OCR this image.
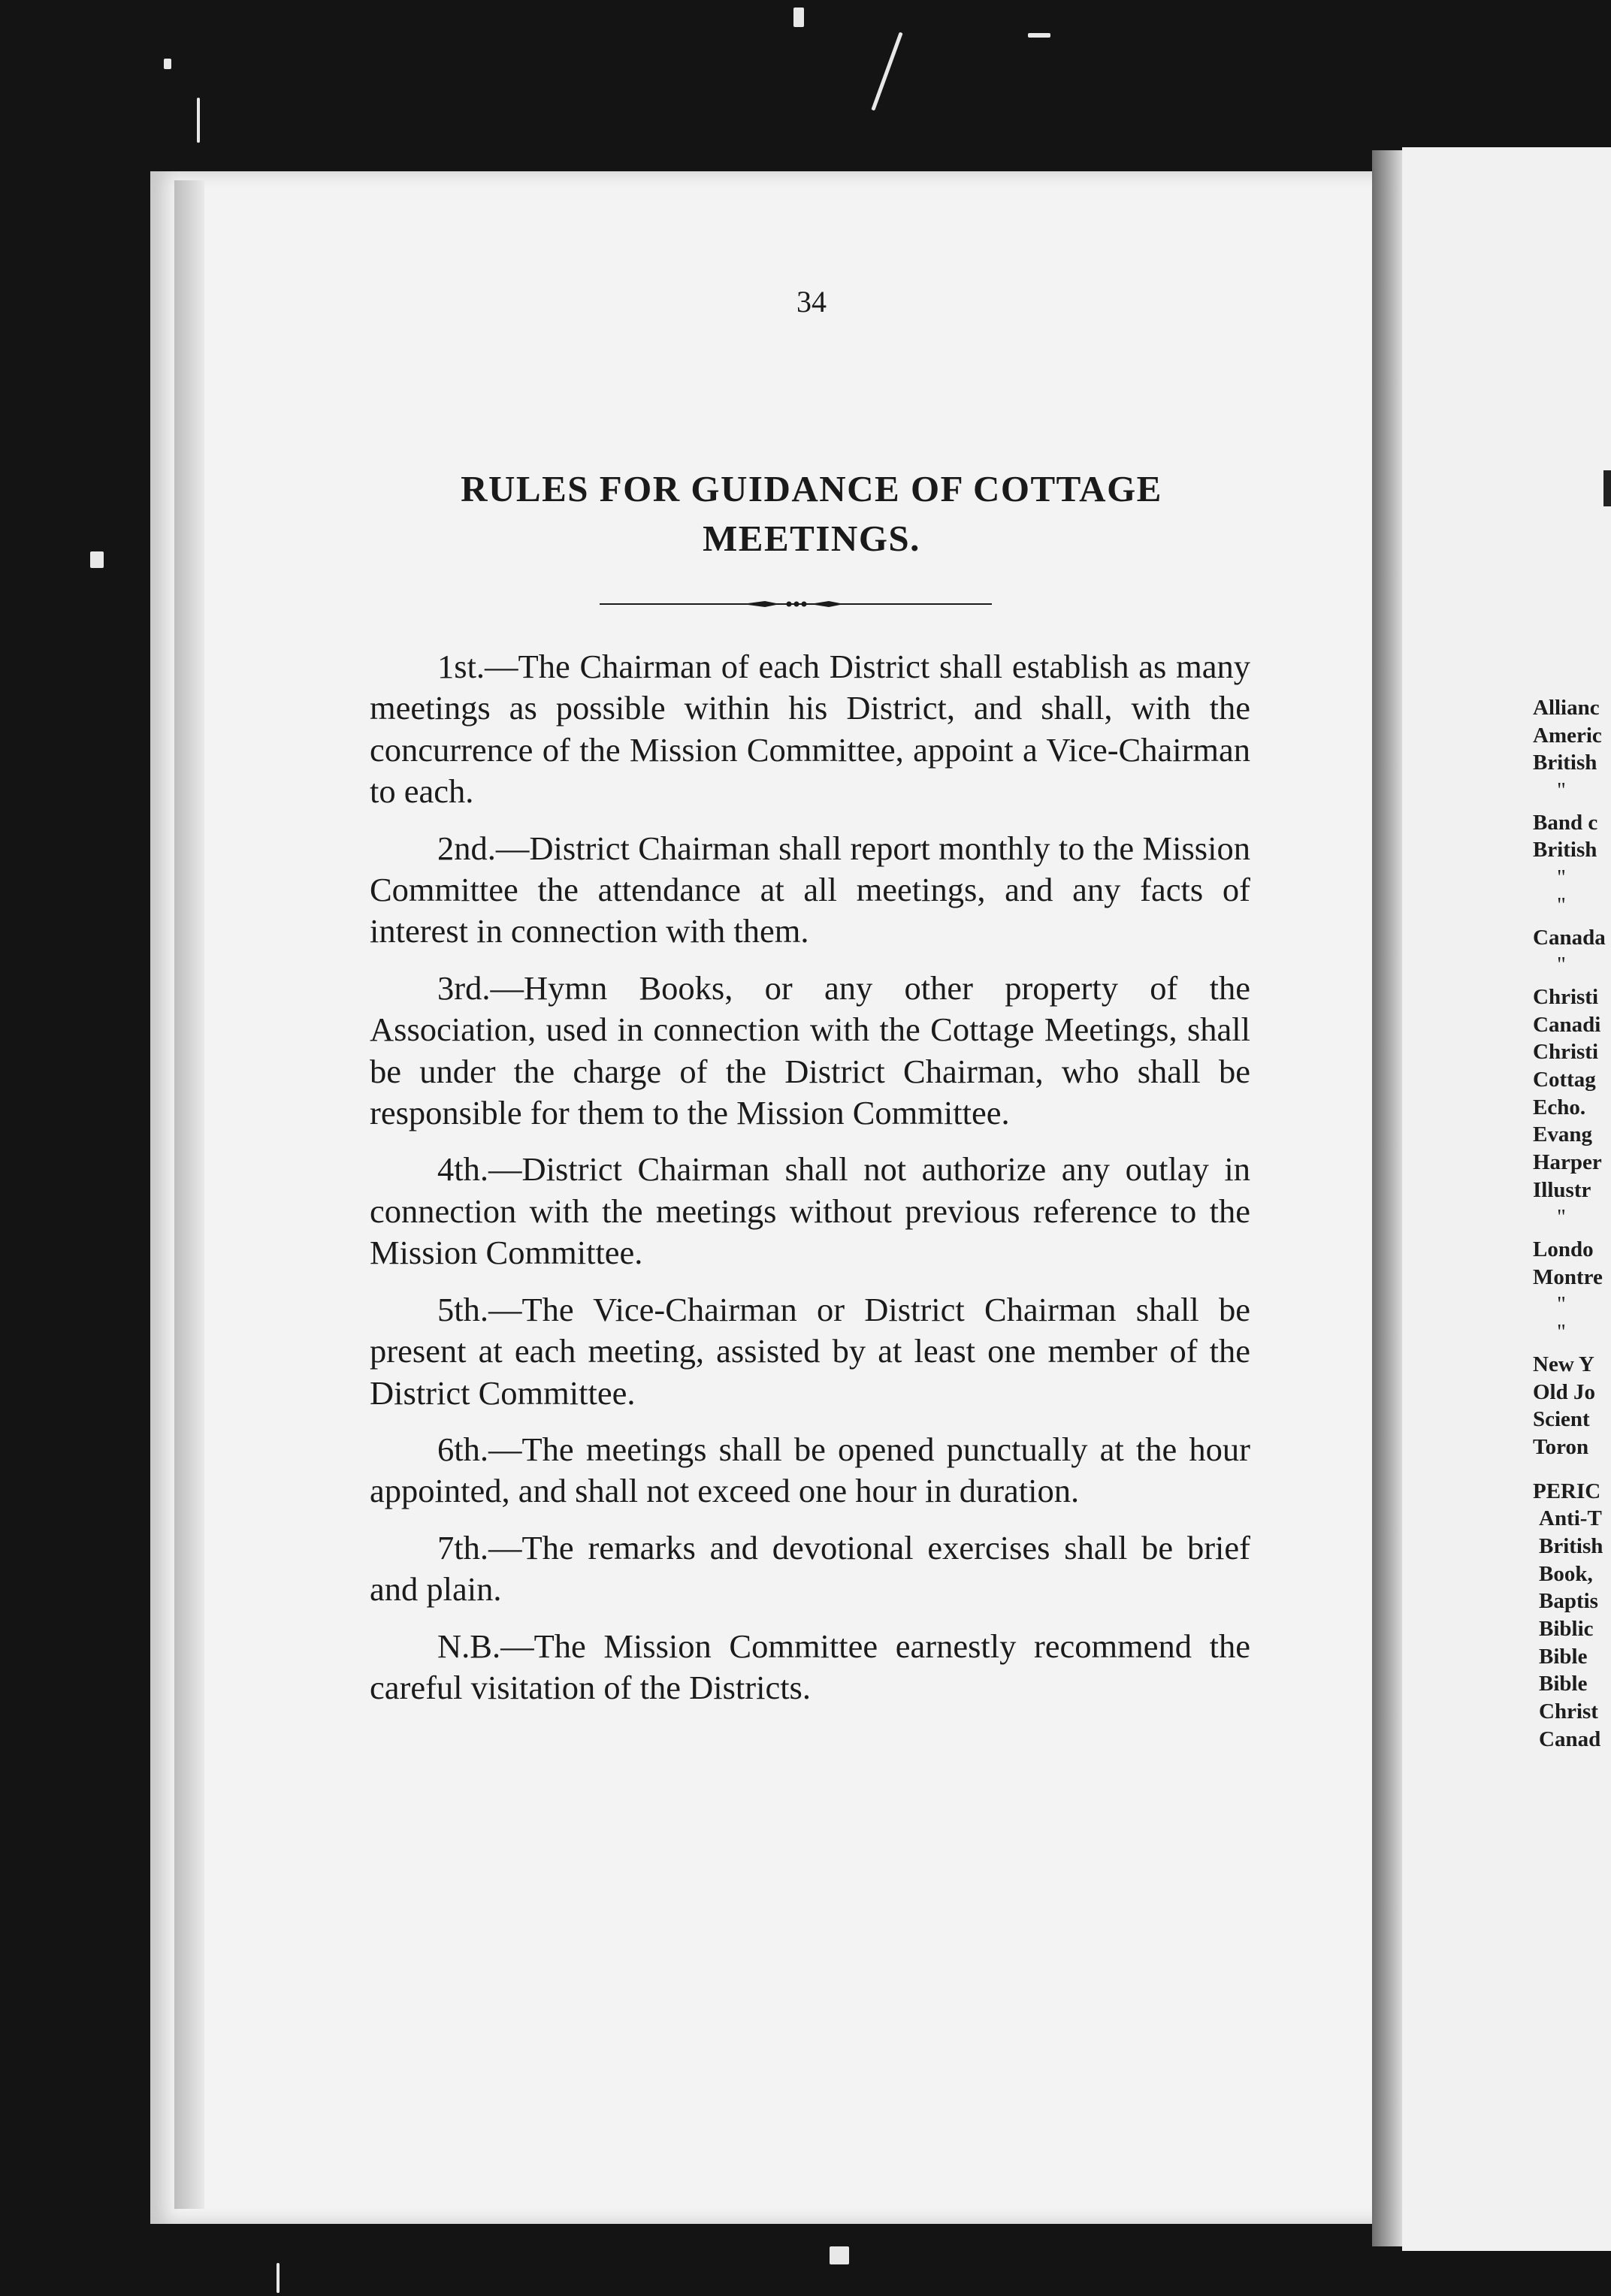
34
RULES FOR GUIDANCE OF COTTAGE
MEETINGS.

1st.—The Chairman of each District shall establish as many meetings as possible within his District, and shall, with the concurrence of the Mission Committee, appoint a Vice-Chairman to each.

2nd.—District Chairman shall report monthly to the Mission Committee the attendance at all meetings, and any facts of interest in connection with them.

3rd.—Hymn Books, or any other property of the Association, used in connection with the Cottage Meetings, shall be under the charge of the District Chairman, who shall be responsible for them to the Mission Committee.

4th.—District Chairman shall not authorize any outlay in connection with the meetings without previous reference to the Mission Committee.

5th.—The Vice-Chairman or District Chairman shall be present at each meeting, assisted by at least one member of the District Committee.

6th.—The meetings shall be opened punctually at the hour appointed, and shall not exceed one hour in duration.

7th.—The remarks and devotional exercises shall be brief and plain.

N.B.—The Mission Committee earnestly recommend the careful visitation of the Districts.

Allianc
Americ
British
"
Band c
British
"
"
Canada
"
Christi
Canadi
Christi
Cottag
Echo.
Evang
Harper
Illustr
"
Londo
Montre
"
"
New Y
Old Jo
Scient
Toron
PERIC
Anti-T
British
Book,
Baptis
Biblic
Bible
Bible
Christ
Canad
